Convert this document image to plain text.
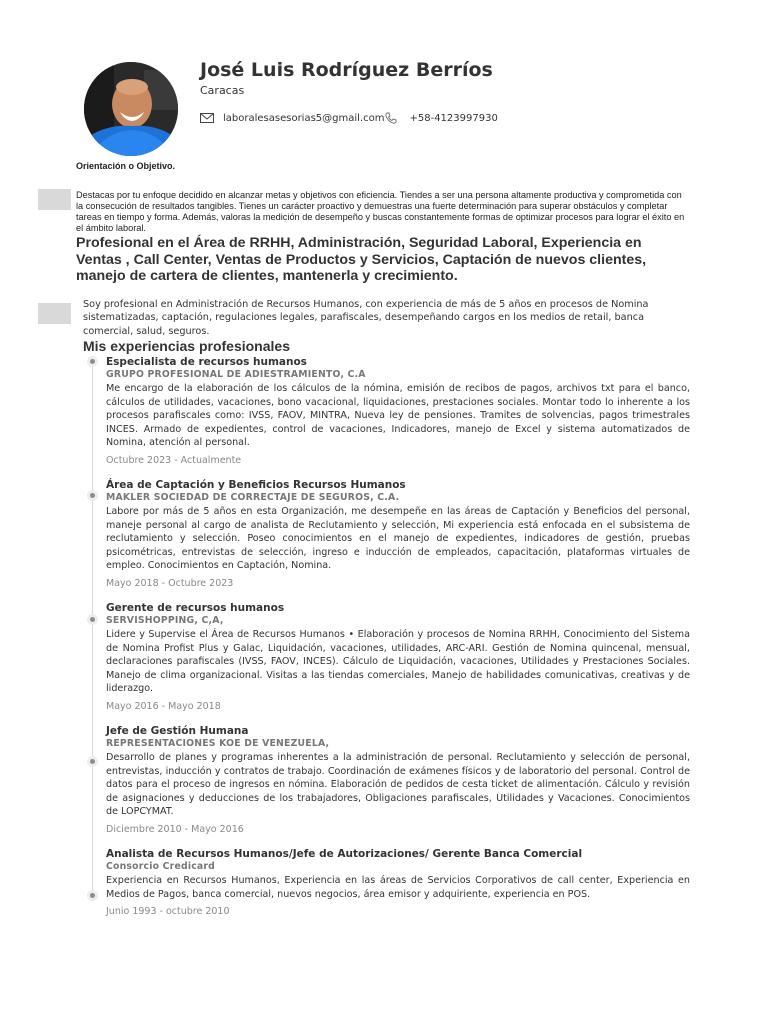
José Luis Rodríguez Berríos
Caracas
laboralesasesorias5@gmail.com	+58-4123997930
Orientación o Objetivo.
Destacas por tu enfoque decidido en alcanzar metas y objetivos con eficiencia. Tiendes a ser una persona altamente productiva y comprometida con la consecución de resultados tangibles. Tienes un carácter proactivo y demuestras una fuerte determinación para superar obstáculos y completar tareas en tiempo y forma. Además, valoras la medición de desempeño y buscas constantemente formas de optimizar procesos para lograr el éxito en el ámbito laboral.
Profesional en el Área de RRHH, Administración, Seguridad Laboral, Experiencia en Ventas , Call Center, Ventas de Productos y Servicios, Captación de nuevos clientes, manejo de cartera de clientes, mantenerla y crecimiento.
Soy profesional en Administración de Recursos Humanos, con experiencia de más de 5 años en procesos de Nomina sistematizadas, captación, regulaciones legales, parafiscales, desempeñando cargos en los medios de retail, banca comercial, salud, seguros.
Mis experiencias profesionales
Especialista de recursos humanos
GRUPO PROFESIONAL DE ADIESTRAMIENTO, C.A
Me encargo de la elaboración de los cálculos de la nómina, emisión de recibos de pagos, archivos txt para el banco, cálculos de utilidades, vacaciones, bono vacacional, liquidaciones, prestaciones sociales. Montar todo lo inherente a los procesos parafiscales como: IVSS, FAOV, MINTRA, Nueva ley de pensiones. Tramites de solvencias, pagos trimestrales INCES. Armado de expedientes, control de vacaciones, Indicadores, manejo de Excel y sistema automatizados de Nomina, atención al personal.
Octubre 2023 - Actualmente
Área de Captación y Beneficios Recursos Humanos
MAKLER SOCIEDAD DE CORRECTAJE DE SEGUROS, C.A.
Labore por más de 5 años en esta Organización, me desempeñe en las áreas de Captación y Beneficios del personal, maneje personal al cargo de analista de Reclutamiento y selección, Mi experiencia está enfocada en el subsistema de reclutamiento y selección. Poseo conocimientos en el manejo de expedientes, indicadores de gestión, pruebas psicométricas, entrevistas de selección, ingreso e inducción de empleados, capacitación, plataformas virtuales de empleo. Conocimientos en Captación, Nomina.
Mayo 2018 - Octubre 2023
Gerente de recursos humanos
SERVISHOPPING, C,A,
Lidere y Supervise el Área de Recursos Humanos • Elaboración y procesos de Nomina RRHH, Conocimiento del Sistema de Nomina Profist Plus y Galac, Liquidación, vacaciones, utilidades, ARC-ARI. Gestión de Nomina quincenal, mensual, declaraciones parafiscales (IVSS, FAOV, INCES). Cálculo de Liquidación, vacaciones, Utilidades y Prestaciones Sociales. Manejo de clima organizacional. Visitas a las tiendas comerciales, Manejo de habilidades comunicativas, creativas y de liderazgo.
Mayo 2016 - Mayo 2018
Jefe de Gestión Humana
REPRESENTACIONES KOE DE VENEZUELA,
Desarrollo de planes y programas inherentes a la administración de personal. Reclutamiento y selección de personal, entrevistas, inducción y contratos de trabajo. Coordinación de exámenes físicos y de laboratorio del personal. Control de datos para el proceso de ingresos en nómina. Elaboración de pedidos de cesta ticket de alimentación. Cálculo y revisión de asignaciones y deducciones de los trabajadores, Obligaciones parafiscales, Utilidades y Vacaciones. Conocimientos de LOPCYMAT.
Diciembre 2010 - Mayo 2016
Analista de Recursos Humanos/Jefe de Autorizaciones/ Gerente Banca Comercial
Consorcio Credicard
Experiencia en Recursos Humanos, Experiencia en las áreas de Servicios Corporativos de call center, Experiencia en Medios de Pagos, banca comercial, nuevos negocios, área emisor y adquiriente, experiencia en POS.
Junio 1993 - octubre 2010
